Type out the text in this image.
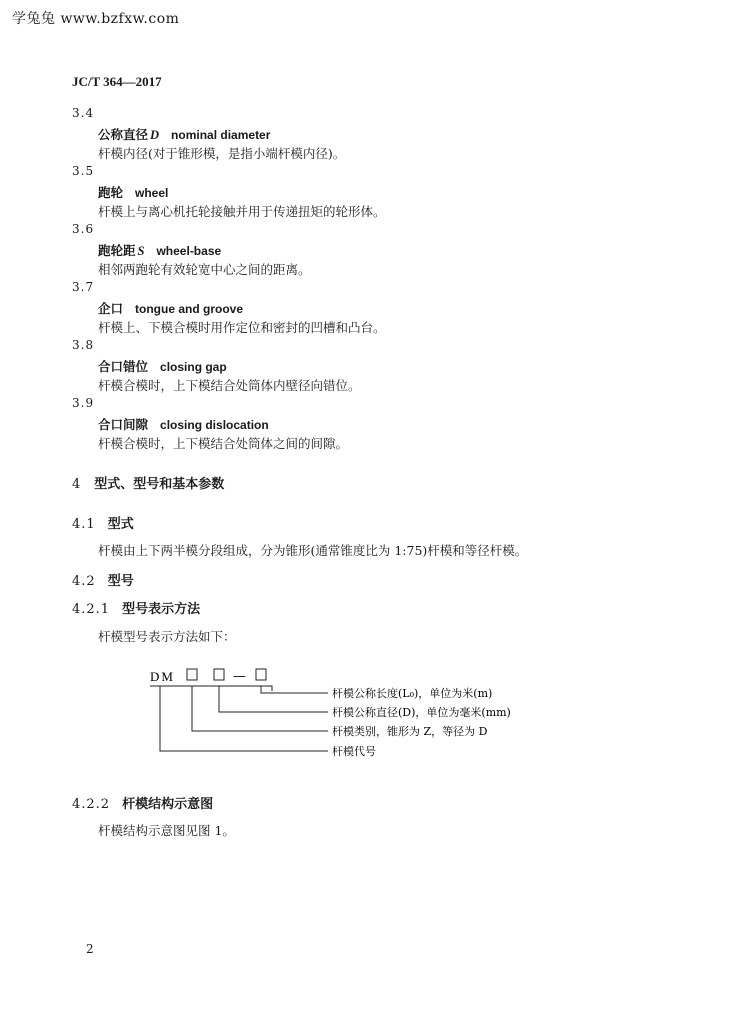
学兔兔 www.bzfxw.com
JC/T 364—2017
3.4
公称直径 D nominal diameter
杆模内径(对于锥形模，是指小端杆模内径)。
3.5
跑轮 wheel
杆模上与离心机托轮接触并用于传递扭矩的轮形体。
3.6
跑轮距 S wheel-base
相邻两跑轮有效轮宽中心之间的距离。
3.7
企口 tongue and groove
杆模上、下模合模时用作定位和密封的凹槽和凸台。
3.8
合口错位 closing gap
杆模合模时，上下模结合处筒体内壁径向错位。
3.9
合口间隙 closing dislocation
杆模合模时，上下模结合处筒体之间的间隙。
4 型式、型号和基本参数
4.1 型式
杆模由上下两半模分段组成，分为锥形(通常锥度比为 1:75)杆模和等径杆模。
4.2 型号
4.2.1 型号表示方法
杆模型号表示方法如下：
DM	—
杆模公称长度(L₀)，单位为米(m)
杆模公称直径(D)，单位为毫米(mm)
杆模类别，锥形为 Z，等径为 D
杆模代号
4.2.2 杆模结构示意图
杆模结构示意图见图 1。
2
